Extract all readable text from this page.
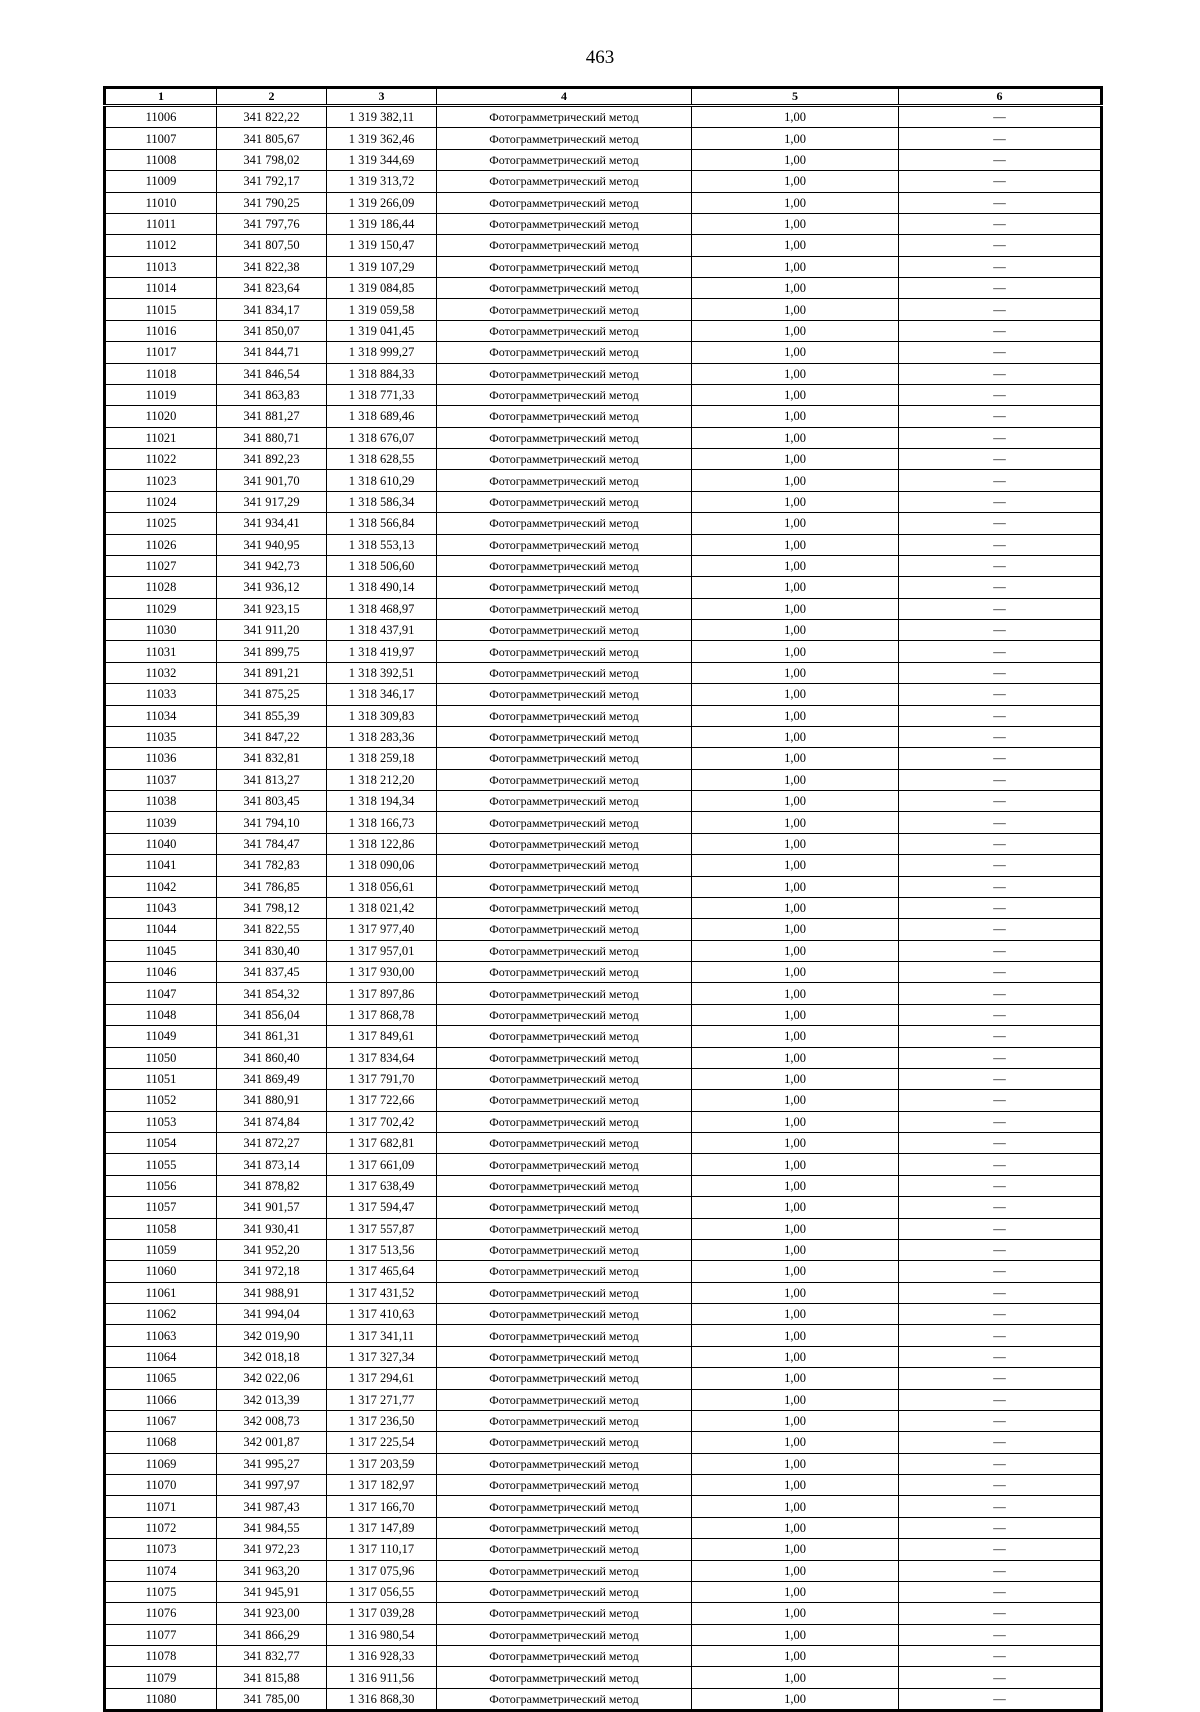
463
1	2	3	4	5	6
11006	341 822,22	1 319 382,11	Фотограмметрический метод	1,00	—
11007	341 805,67	1 319 362,46	Фотограмметрический метод	1,00	—
11008	341 798,02	1 319 344,69	Фотограмметрический метод	1,00	—
11009	341 792,17	1 319 313,72	Фотограмметрический метод	1,00	—
11010	341 790,25	1 319 266,09	Фотограмметрический метод	1,00	—
11011	341 797,76	1 319 186,44	Фотограмметрический метод	1,00	—
11012	341 807,50	1 319 150,47	Фотограмметрический метод	1,00	—
11013	341 822,38	1 319 107,29	Фотограмметрический метод	1,00	—
11014	341 823,64	1 319 084,85	Фотограмметрический метод	1,00	—
11015	341 834,17	1 319 059,58	Фотограмметрический метод	1,00	—
11016	341 850,07	1 319 041,45	Фотограмметрический метод	1,00	—
11017	341 844,71	1 318 999,27	Фотограмметрический метод	1,00	—
11018	341 846,54	1 318 884,33	Фотограмметрический метод	1,00	—
11019	341 863,83	1 318 771,33	Фотограмметрический метод	1,00	—
11020	341 881,27	1 318 689,46	Фотограмметрический метод	1,00	—
11021	341 880,71	1 318 676,07	Фотограмметрический метод	1,00	—
11022	341 892,23	1 318 628,55	Фотограмметрический метод	1,00	—
11023	341 901,70	1 318 610,29	Фотограмметрический метод	1,00	—
11024	341 917,29	1 318 586,34	Фотограмметрический метод	1,00	—
11025	341 934,41	1 318 566,84	Фотограмметрический метод	1,00	—
11026	341 940,95	1 318 553,13	Фотограмметрический метод	1,00	—
11027	341 942,73	1 318 506,60	Фотограмметрический метод	1,00	—
11028	341 936,12	1 318 490,14	Фотограмметрический метод	1,00	—
11029	341 923,15	1 318 468,97	Фотограмметрический метод	1,00	—
11030	341 911,20	1 318 437,91	Фотограмметрический метод	1,00	—
11031	341 899,75	1 318 419,97	Фотограмметрический метод	1,00	—
11032	341 891,21	1 318 392,51	Фотограмметрический метод	1,00	—
11033	341 875,25	1 318 346,17	Фотограмметрический метод	1,00	—
11034	341 855,39	1 318 309,83	Фотограмметрический метод	1,00	—
11035	341 847,22	1 318 283,36	Фотограмметрический метод	1,00	—
11036	341 832,81	1 318 259,18	Фотограмметрический метод	1,00	—
11037	341 813,27	1 318 212,20	Фотограмметрический метод	1,00	—
11038	341 803,45	1 318 194,34	Фотограмметрический метод	1,00	—
11039	341 794,10	1 318 166,73	Фотограмметрический метод	1,00	—
11040	341 784,47	1 318 122,86	Фотограмметрический метод	1,00	—
11041	341 782,83	1 318 090,06	Фотограмметрический метод	1,00	—
11042	341 786,85	1 318 056,61	Фотограмметрический метод	1,00	—
11043	341 798,12	1 318 021,42	Фотограмметрический метод	1,00	—
11044	341 822,55	1 317 977,40	Фотограмметрический метод	1,00	—
11045	341 830,40	1 317 957,01	Фотограмметрический метод	1,00	—
11046	341 837,45	1 317 930,00	Фотограмметрический метод	1,00	—
11047	341 854,32	1 317 897,86	Фотограмметрический метод	1,00	—
11048	341 856,04	1 317 868,78	Фотограмметрический метод	1,00	—
11049	341 861,31	1 317 849,61	Фотограмметрический метод	1,00	—
11050	341 860,40	1 317 834,64	Фотограмметрический метод	1,00	—
11051	341 869,49	1 317 791,70	Фотограмметрический метод	1,00	—
11052	341 880,91	1 317 722,66	Фотограмметрический метод	1,00	—
11053	341 874,84	1 317 702,42	Фотограмметрический метод	1,00	—
11054	341 872,27	1 317 682,81	Фотограмметрический метод	1,00	—
11055	341 873,14	1 317 661,09	Фотограмметрический метод	1,00	—
11056	341 878,82	1 317 638,49	Фотограмметрический метод	1,00	—
11057	341 901,57	1 317 594,47	Фотограмметрический метод	1,00	—
11058	341 930,41	1 317 557,87	Фотограмметрический метод	1,00	—
11059	341 952,20	1 317 513,56	Фотограмметрический метод	1,00	—
11060	341 972,18	1 317 465,64	Фотограмметрический метод	1,00	—
11061	341 988,91	1 317 431,52	Фотограмметрический метод	1,00	—
11062	341 994,04	1 317 410,63	Фотограмметрический метод	1,00	—
11063	342 019,90	1 317 341,11	Фотограмметрический метод	1,00	—
11064	342 018,18	1 317 327,34	Фотограмметрический метод	1,00	—
11065	342 022,06	1 317 294,61	Фотограмметрический метод	1,00	—
11066	342 013,39	1 317 271,77	Фотограмметрический метод	1,00	—
11067	342 008,73	1 317 236,50	Фотограмметрический метод	1,00	—
11068	342 001,87	1 317 225,54	Фотограмметрический метод	1,00	—
11069	341 995,27	1 317 203,59	Фотограмметрический метод	1,00	—
11070	341 997,97	1 317 182,97	Фотограмметрический метод	1,00	—
11071	341 987,43	1 317 166,70	Фотограмметрический метод	1,00	—
11072	341 984,55	1 317 147,89	Фотограмметрический метод	1,00	—
11073	341 972,23	1 317 110,17	Фотограмметрический метод	1,00	—
11074	341 963,20	1 317 075,96	Фотограмметрический метод	1,00	—
11075	341 945,91	1 317 056,55	Фотограмметрический метод	1,00	—
11076	341 923,00	1 317 039,28	Фотограмметрический метод	1,00	—
11077	341 866,29	1 316 980,54	Фотограмметрический метод	1,00	—
11078	341 832,77	1 316 928,33	Фотограмметрический метод	1,00	—
11079	341 815,88	1 316 911,56	Фотограмметрический метод	1,00	—
11080	341 785,00	1 316 868,30	Фотограмметрический метод	1,00	—
